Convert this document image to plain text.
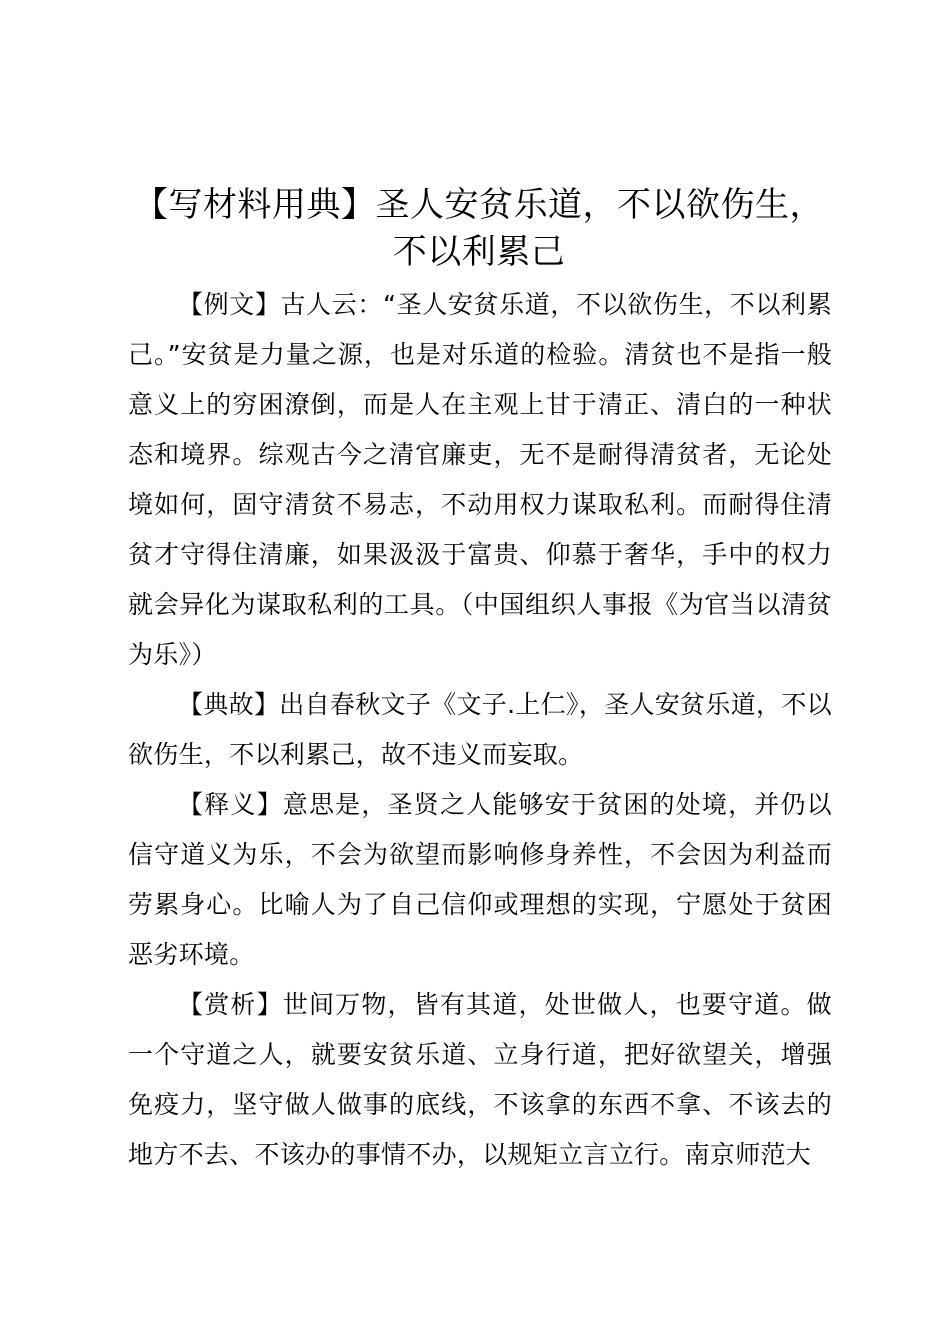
【写材料用典】圣人安贫乐道，不以欲伤生，
不以利累己

【例文】古人云：“圣人安贫乐道，不以欲伤生，不以利累己。”安贫是力量之源，也是对乐道的检验。清贫也不是指一般意义上的穷困潦倒，而是人在主观上甘于清正、清白的一种状态和境界。综观古今之清官廉吏，无不是耐得清贫者，无论处境如何，固守清贫不易志，不动用权力谋取私利。而耐得住清贫才守得住清廉，如果汲汲于富贵、仰慕于奢华，手中的权力就会异化为谋取私利的工具。（中国组织人事报《为官当以清贫为乐》）

【典故】出自春秋文子《文子.上仁》，圣人安贫乐道，不以欲伤生，不以利累己，故不违义而妄取。

【释义】意思是，圣贤之人能够安于贫困的处境，并仍以信守道义为乐，不会为欲望而影响修身养性，不会因为利益而劳累身心。比喻人为了自己信仰或理想的实现，宁愿处于贫困恶劣环境。

【赏析】世间万物，皆有其道，处世做人，也要守道。做一个守道之人，就要安贫乐道、立身行道，把好欲望关，增强免疫力，坚守做人做事的底线，不该拿的东西不拿、不该去的地方不去、不该办的事情不办，以规矩立言立行。南京师范大
